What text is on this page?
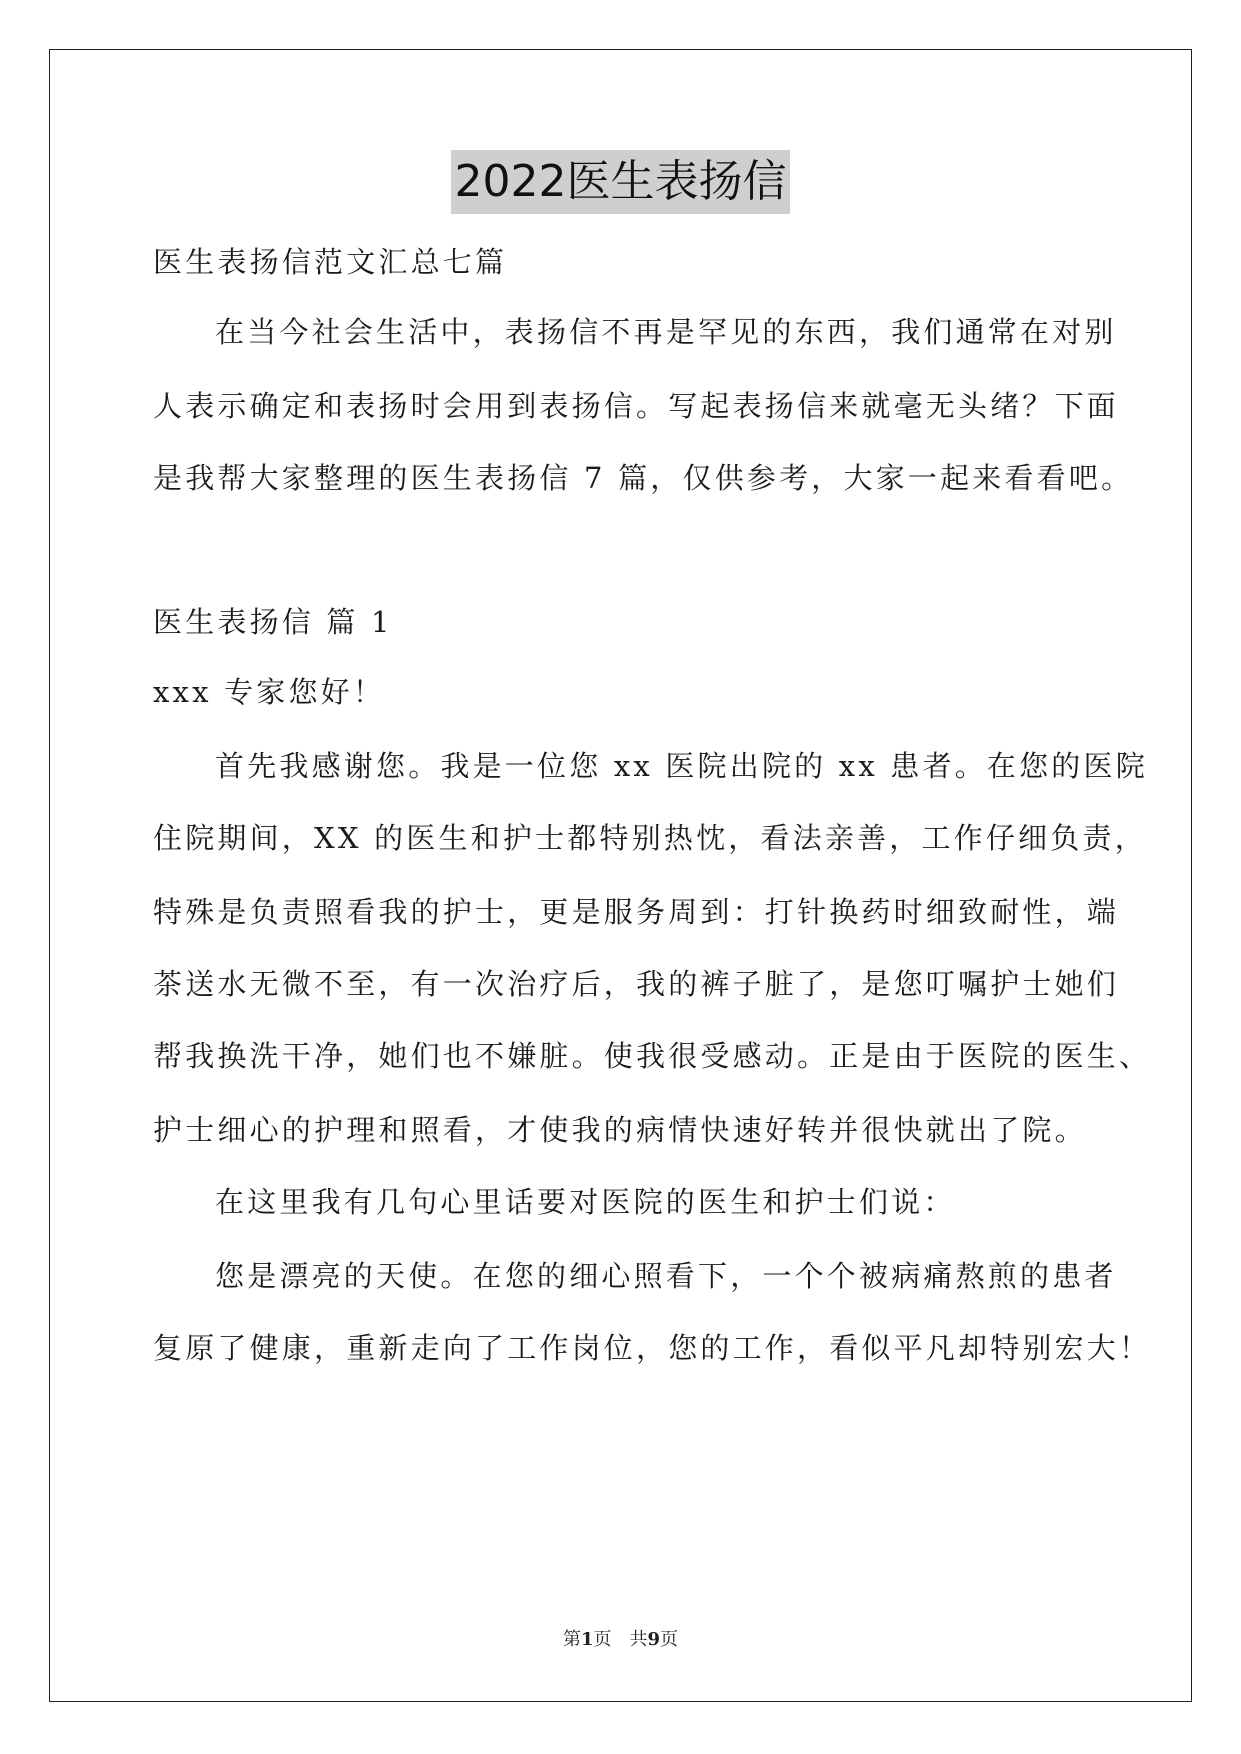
2022医生表扬信
医生表扬信范文汇总七篇
在当今社会生活中，表扬信不再是罕见的东西，我们通常在对别
人表示确定和表扬时会用到表扬信。写起表扬信来就毫无头绪？下面
是我帮大家整理的医生表扬信 7 篇，仅供参考，大家一起来看看吧。
医生表扬信 篇 1
xxx 专家您好！
首先我感谢您。我是一位您 xx 医院出院的 xx 患者。在您的医院
住院期间，XX 的医生和护士都特别热忱，看法亲善，工作仔细负责，
特殊是负责照看我的护士，更是服务周到：打针换药时细致耐性，端
茶送水无微不至，有一次治疗后，我的裤子脏了，是您叮嘱护士她们
帮我换洗干净，她们也不嫌脏。使我很受感动。正是由于医院的医生、
护士细心的护理和照看，才使我的病情快速好转并很快就出了院。
在这里我有几句心里话要对医院的医生和护士们说：
您是漂亮的天使。在您的细心照看下，一个个被病痛熬煎的患者
复原了健康，重新走向了工作岗位，您的工作，看似平凡却特别宏大！
第1页　共9页
